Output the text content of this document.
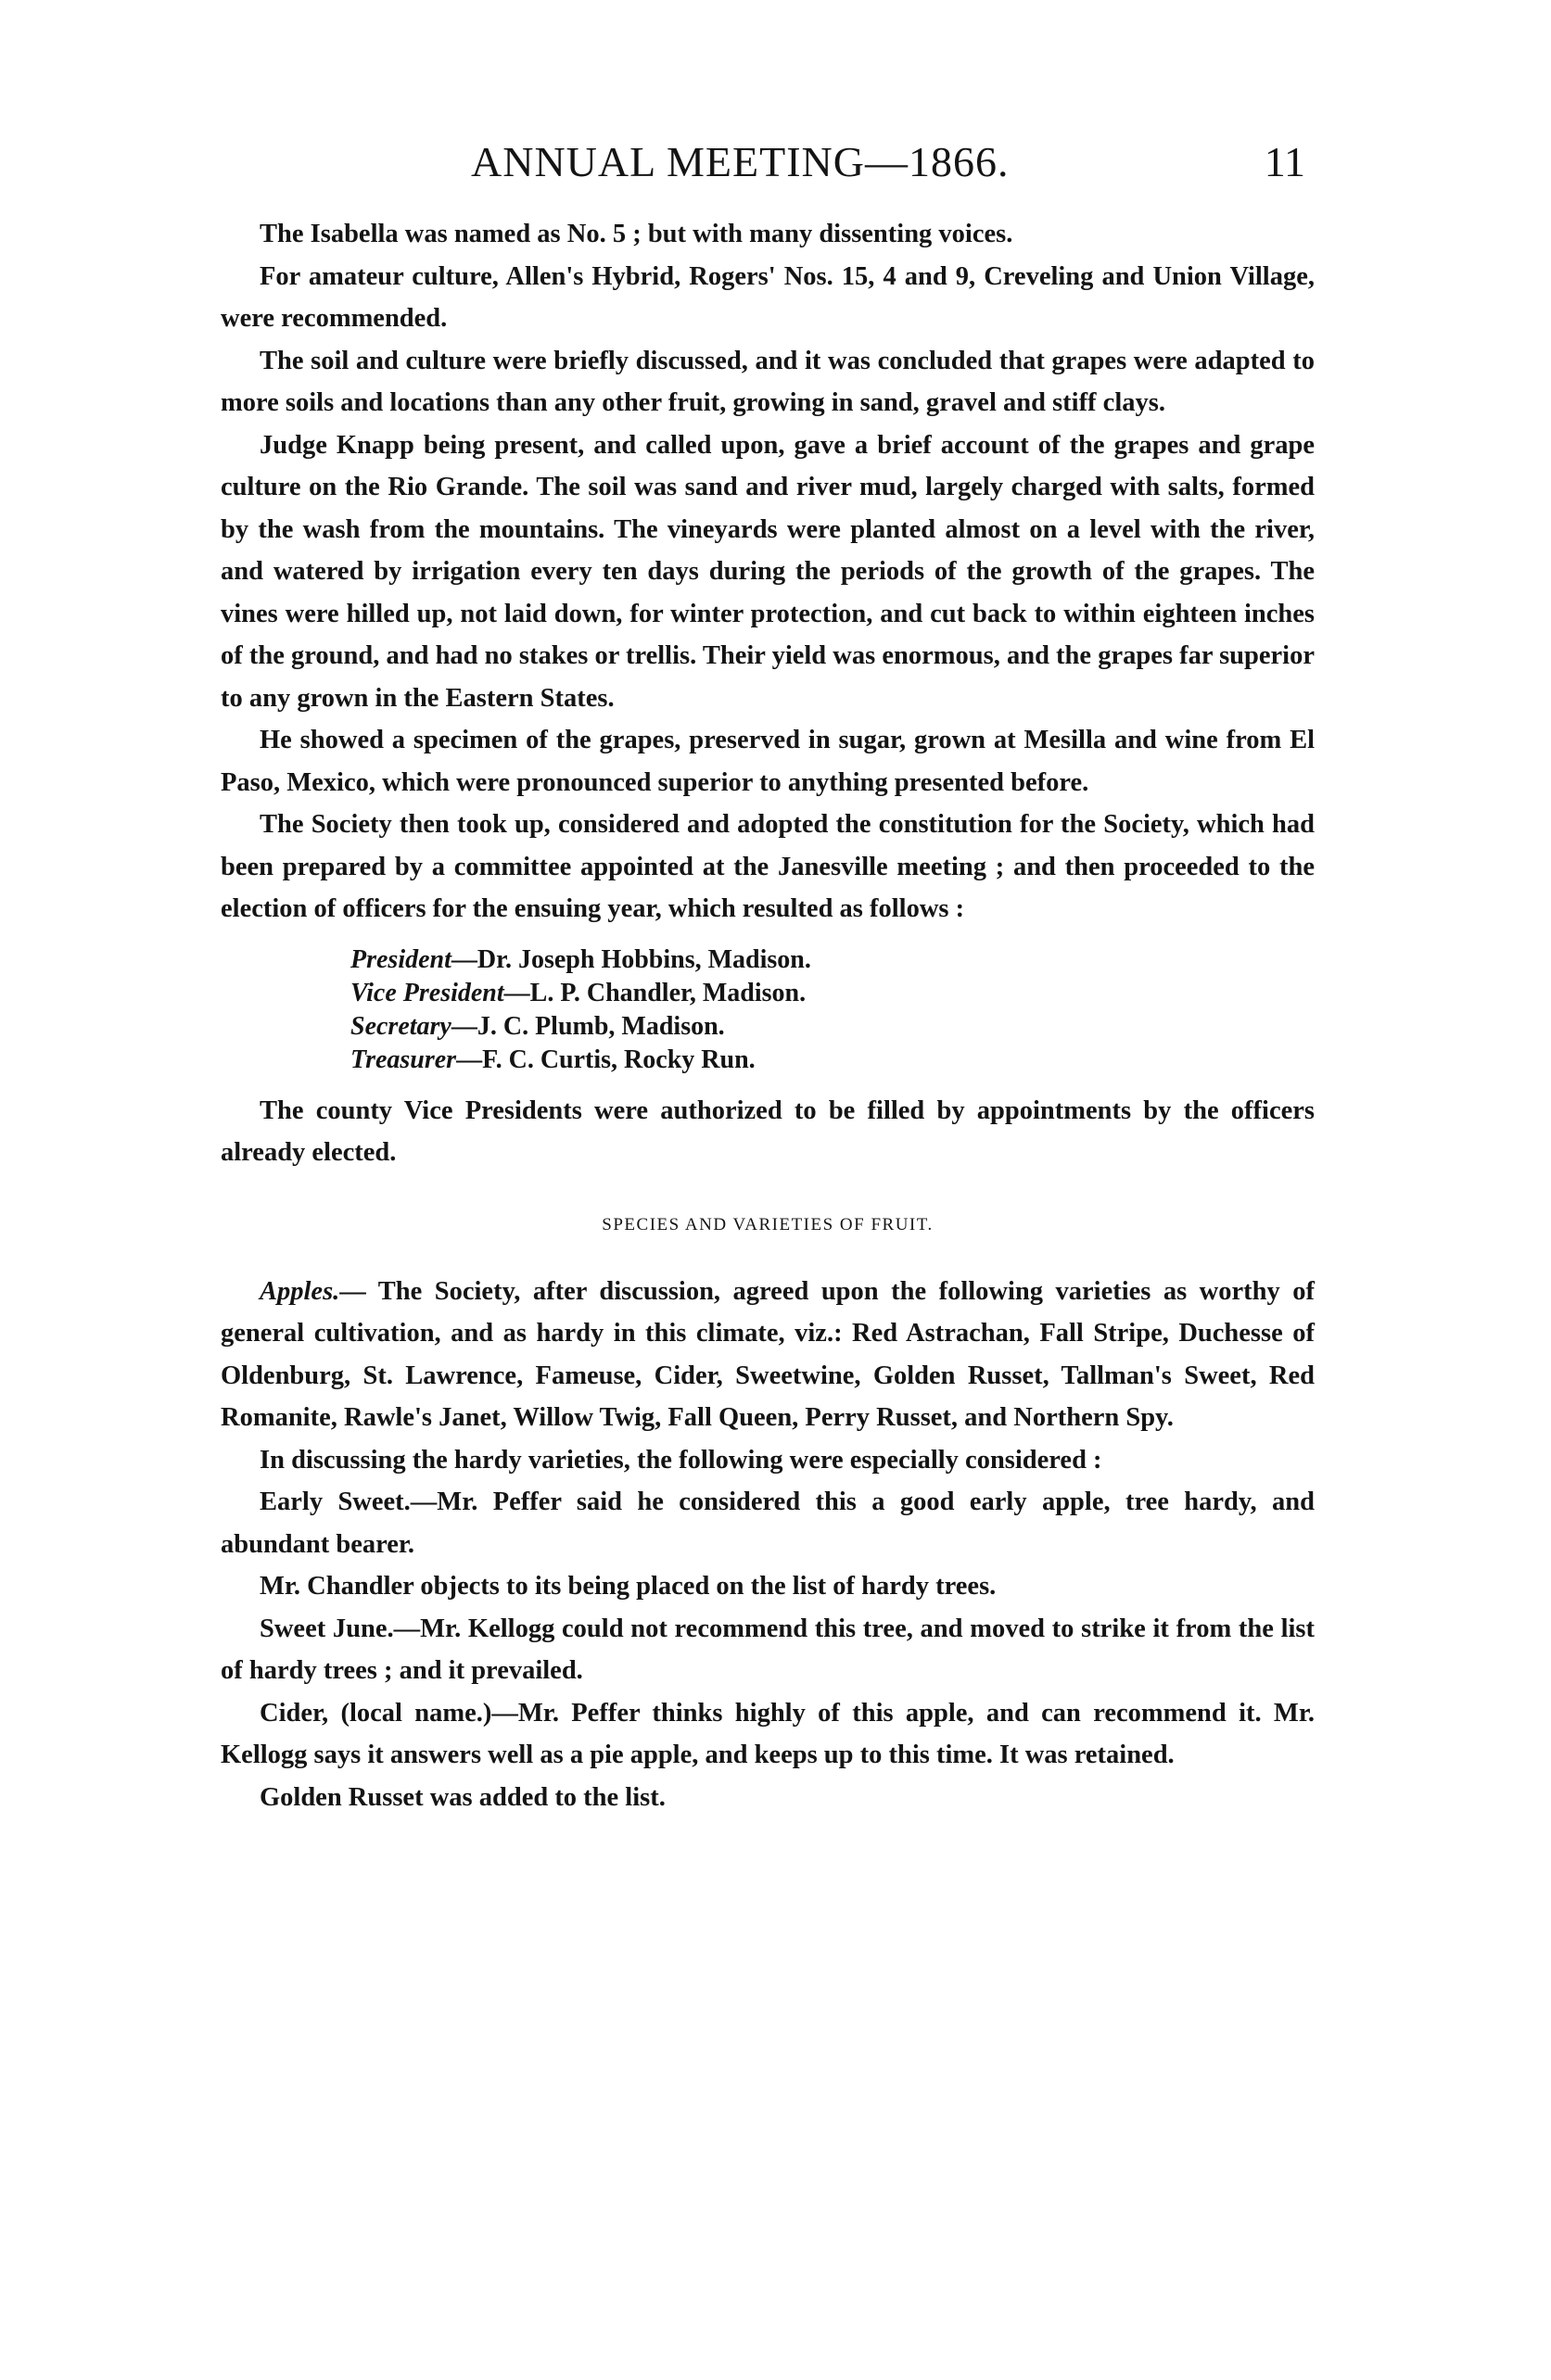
ANNUAL MEETING—1866.	11

The Isabella was named as No. 5 ; but with many dissenting voices.

For amateur culture, Allen's Hybrid, Rogers' Nos. 15, 4 and 9, Creveling and Union Village, were recommended.

The soil and culture were briefly discussed, and it was concluded that grapes were adapted to more soils and locations than any other fruit, growing in sand, gravel and stiff clays.

Judge Knapp being present, and called upon, gave a brief account of the grapes and grape culture on the Rio Grande. The soil was sand and river mud, largely charged with salts, formed by the wash from the mountains. The vineyards were planted almost on a level with the river, and watered by irrigation every ten days during the periods of the growth of the grapes. The vines were hilled up, not laid down, for winter protection, and cut back to within eighteen inches of the ground, and had no stakes or trellis. Their yield was enormous, and the grapes far superior to any grown in the Eastern States.

He showed a specimen of the grapes, preserved in sugar, grown at Mesilla and wine from El Paso, Mexico, which were pronounced superior to anything presented before.

The Society then took up, considered and adopted the constitution for the Society, which had been prepared by a committee appointed at the Janesville meeting ; and then proceeded to the election of officers for the ensuing year, which resulted as follows :

President—Dr. Joseph Hobbins, Madison.
Vice President—L. P. Chandler, Madison.
Secretary—J. C. Plumb, Madison.
Treasurer—F. C. Curtis, Rocky Run.

The county Vice Presidents were authorized to be filled by appointments by the officers already elected.

SPECIES AND VARIETIES OF FRUIT.

Apples.— The Society, after discussion, agreed upon the following varieties as worthy of general cultivation, and as hardy in this climate, viz.: Red Astrachan, Fall Stripe, Duchesse of Oldenburg, St. Lawrence, Fameuse, Cider, Sweetwine, Golden Russet, Tallman's Sweet, Red Romanite, Rawle's Janet, Willow Twig, Fall Queen, Perry Russet, and Northern Spy.

In discussing the hardy varieties, the following were especially considered :

Early Sweet.—Mr. Peffer said he considered this a good early apple, tree hardy, and abundant bearer.

Mr. Chandler objects to its being placed on the list of hardy trees.

Sweet June.—Mr. Kellogg could not recommend this tree, and moved to strike it from the list of hardy trees ; and it prevailed.

Cider, (local name.)—Mr. Peffer thinks highly of this apple, and can recommend it. Mr. Kellogg says it answers well as a pie apple, and keeps up to this time. It was retained.

Golden Russet was added to the list.
